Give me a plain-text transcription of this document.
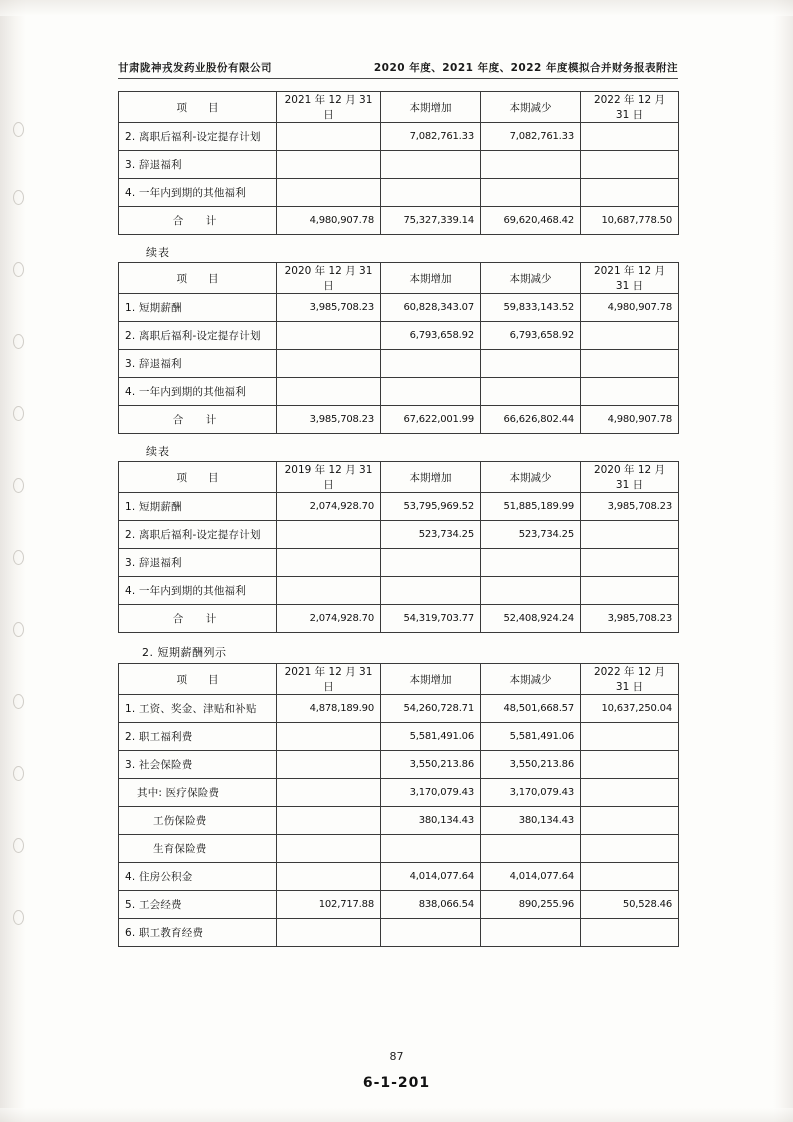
甘肃陇神戎发药业股份有限公司	2020 年度、2021 年度、2022 年度模拟合并财务报表附注
项　　目	2021 年 12 月 31 日	本期增加	本期减少	2022 年 12 月 31 日
2. 离职后福利-设定提存计划		7,082,761.33	7,082,761.33	
3. 辞退福利				
4. 一年内到期的其他福利				
合　计	4,980,907.78	75,327,339.14	69,620,468.42	10,687,778.50
续表
项　　目	2020 年 12 月 31 日	本期增加	本期减少	2021 年 12 月 31 日
1. 短期薪酬	3,985,708.23	60,828,343.07	59,833,143.52	4,980,907.78
2. 离职后福利-设定提存计划		6,793,658.92	6,793,658.92	
3. 辞退福利				
4. 一年内到期的其他福利				
合　计	3,985,708.23	67,622,001.99	66,626,802.44	4,980,907.78
续表
项　　目	2019 年 12 月 31 日	本期增加	本期减少	2020 年 12 月 31 日
1. 短期薪酬	2,074,928.70	53,795,969.52	51,885,189.99	3,985,708.23
2. 离职后福利-设定提存计划		523,734.25	523,734.25	
3. 辞退福利				
4. 一年内到期的其他福利				
合　计	2,074,928.70	54,319,703.77	52,408,924.24	3,985,708.23
2. 短期薪酬列示
项　　目	2021 年 12 月 31 日	本期增加	本期减少	2022 年 12 月 31 日
1. 工资、奖金、津贴和补贴	4,878,189.90	54,260,728.71	48,501,668.57	10,637,250.04
2. 职工福利费		5,581,491.06	5,581,491.06	
3. 社会保险费		3,550,213.86	3,550,213.86	
其中: 医疗保险费		3,170,079.43	3,170,079.43	
工伤保险费		380,134.43	380,134.43	
生育保险费				
4. 住房公积金		4,014,077.64	4,014,077.64	
5. 工会经费	102,717.88	838,066.54	890,255.96	50,528.46
6. 职工教育经费				
87
6-1-201
